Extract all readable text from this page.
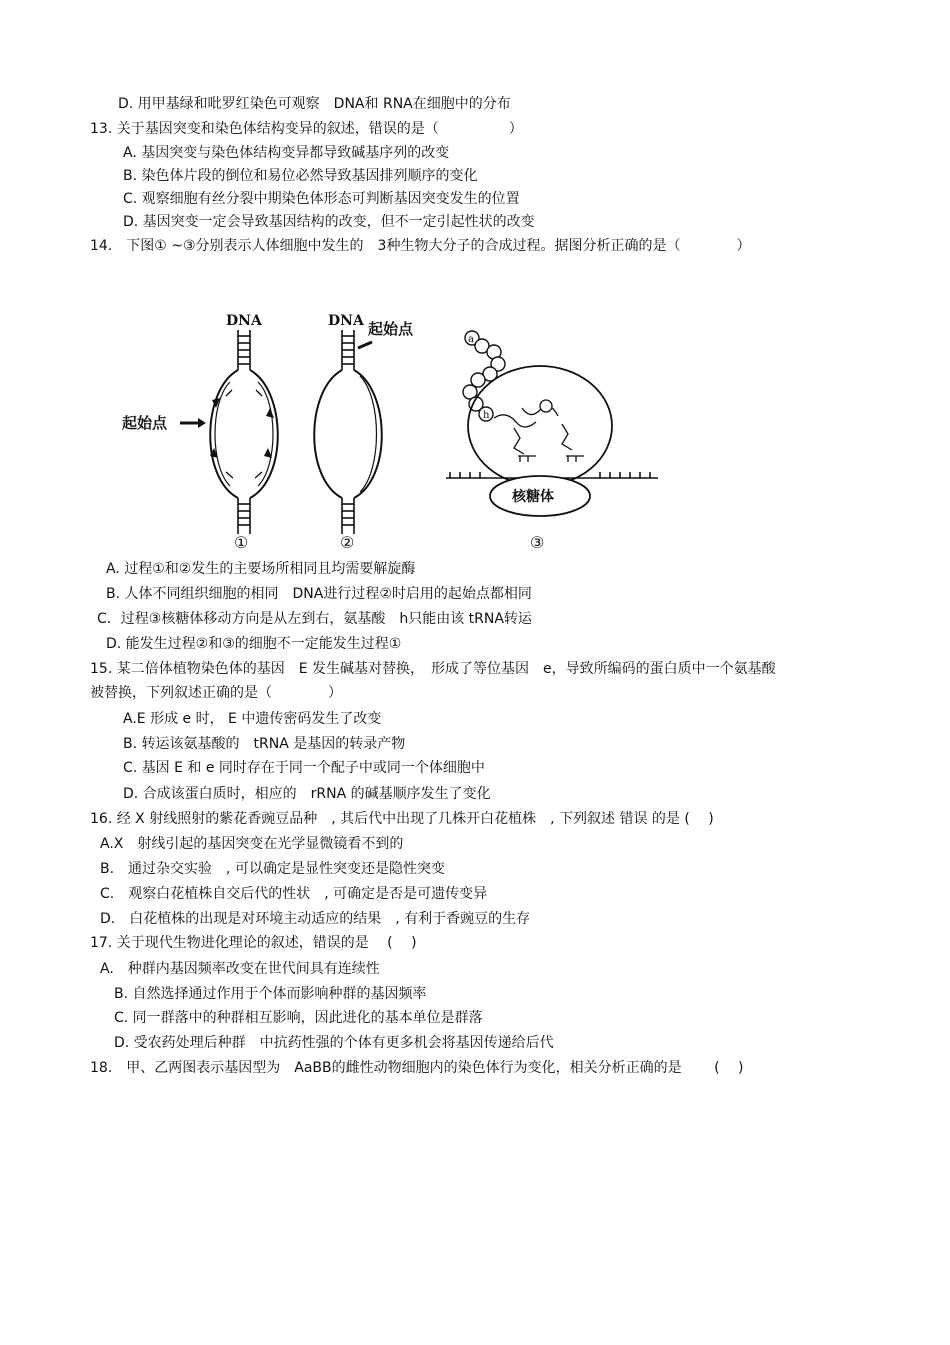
D. 用甲基绿和吡罗红染色可观察　DNA和 RNA在细胞中的分布
13. 关于基因突变和染色体结构变异的叙述，错误的是（　　　　　）
A. 基因突变与染色体结构变异都导致碱基序列的改变
B. 染色体片段的倒位和易位必然导致基因排列顺序的变化
C. 观察细胞有丝分裂中期染色体形态可判断基因突变发生的位置
D. 基因突变一定会导致基因结构的改变，但不一定引起性状的改变
14.　下图① ~③分别表示人体细胞中发生的　3种生物大分子的合成过程。据图分析正确的是（　　　　）
DNA
起始点
①
DNA 起始点
②
a
h
核糖体
③
A. 过程①和②发生的主要场所相同且均需要解旋酶
B. 人体不同组织细胞的相同　DNA进行过程②时启用的起始点都相同
C．过程③核糖体移动方向是从左到右，氨基酸　h只能由该 tRNA转运
D. 能发生过程②和③的细胞不一定能发生过程①
15. 某二倍体植物染色体的基因　E 发生碱基对替换，　形成了等位基因　e，导致所编码的蛋白质中一个氨基酸
被替换，下列叙述正确的是（　　　　）
A.E 形成 e 时， E 中遗传密码发生了改变
B. 转运该氨基酸的　tRNA 是基因的转录产物
C. 基因 E 和 e 同时存在于同一个配子中或同一个体细胞中
D. 合成该蛋白质时，相应的　rRNA 的碱基顺序发生了变化
16. 经 X 射线照射的紫花香豌豆品种　, 其后代中出现了几株开白花植株　, 下列叙述 错误 的是 ( 　)
A.X　射线引起的基因突变在光学显微镜看不到的
B.　通过杂交实验　, 可以确定是显性突变还是隐性突变
C.　观察白花植株自交后代的性状　, 可确定是否是可遗传变异
D.　白花植株的出现是对环境主动适应的结果　, 有利于香豌豆的生存
17. 关于现代生物进化理论的叙述，错误的是　 (　 )
A.　种群内基因频率改变在世代间具有连续性
B. 自然选择通过作用于个体而影响种群的基因频率
C. 同一群落中的种群相互影响，因此进化的基本单位是群落
D. 受农药处理后种群　中抗药性强的个体有更多机会将基因传递给后代
18.　甲、乙两图表示基因型为　AaBB的雌性动物细胞内的染色体行为变化，相关分析正确的是　　 (　 )
